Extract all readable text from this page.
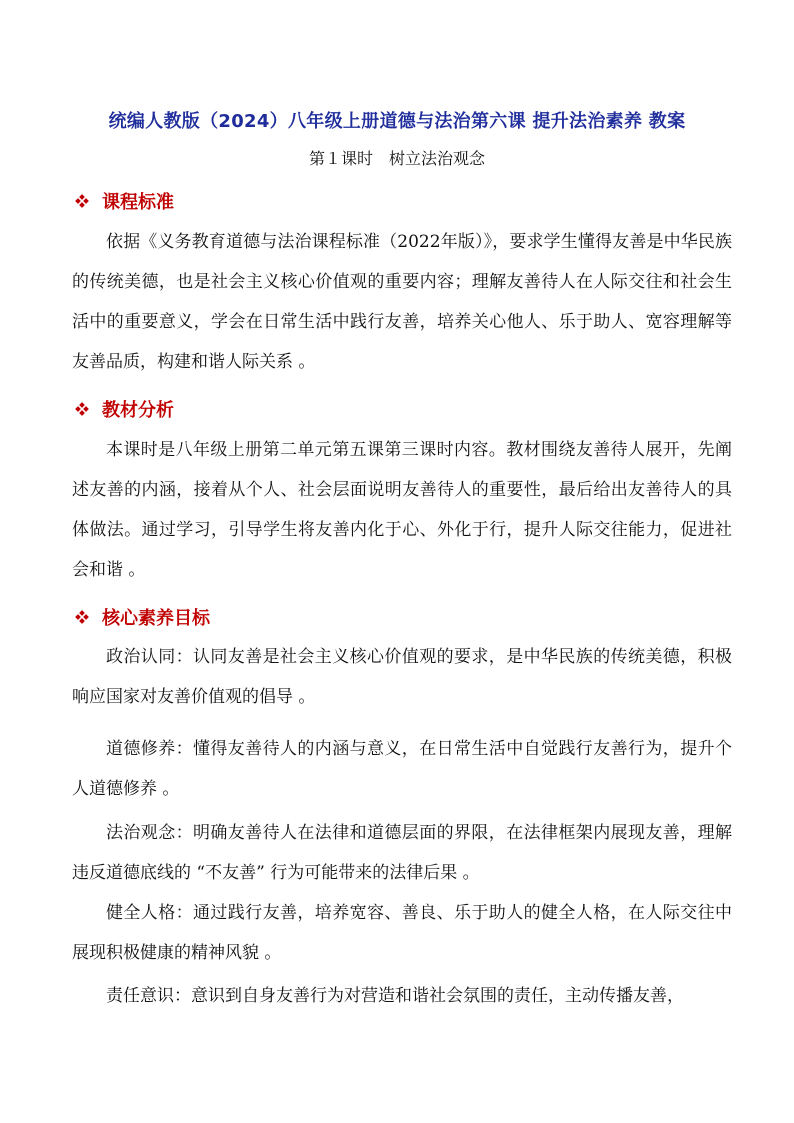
统编人教版（2024）八年级上册道德与法治第六课 提升法治素养 教案
第１课时　树立法治观念
课程标准
依据《义务教育道德与法治课程标准（2022年版）》，要求学生懂得友善是中华民族的传统美德，也是社会主义核心价值观的重要内容；理解友善待人在人际交往和社会生活中的重要意义，学会在日常生活中践行友善，培养关心他人、乐于助人、宽容理解等友善品质，构建和谐人际关系 。
教材分析
本课时是八年级上册第二单元第五课第三课时内容。教材围绕友善待人展开，先阐述友善的内涵，接着从个人、社会层面说明友善待人的重要性，最后给出友善待人的具体做法。通过学习，引导学生将友善内化于心、外化于行，提升人际交往能力，促进社会和谐 。
核心素养目标
政治认同：认同友善是社会主义核心价值观的要求，是中华民族的传统美德，积极响应国家对友善价值观的倡导 。
道德修养：懂得友善待人的内涵与意义，在日常生活中自觉践行友善行为，提升个人道德修养 。
法治观念：明确友善待人在法律和道德层面的界限，在法律框架内展现友善，理解违反道德底线的 “不友善” 行为可能带来的法律后果 。
健全人格：通过践行友善，培养宽容、善良、乐于助人的健全人格，在人际交往中展现积极健康的精神风貌 。
责任意识：意识到自身友善行为对营造和谐社会氛围的责任，主动传播友善，
